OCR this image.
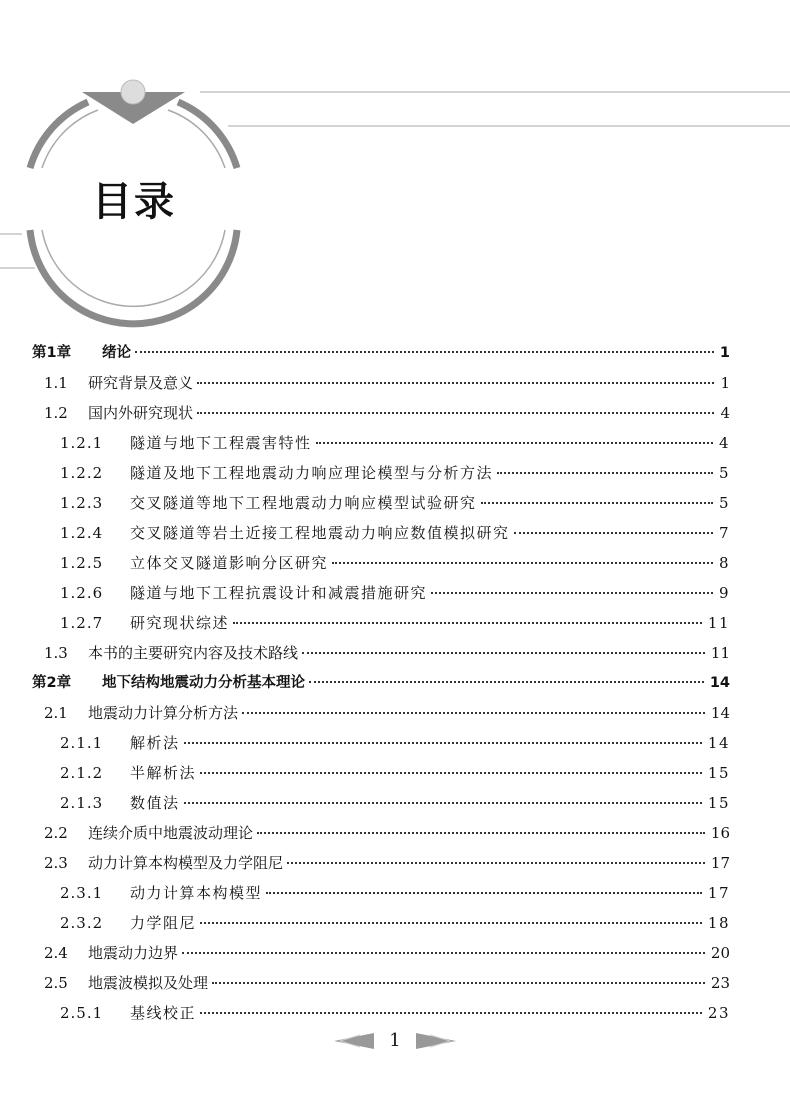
目录
第1章	绪论	1
1.1	研究背景及意义	1
1.2	国内外研究现状	4
1.2.1	隧道与地下工程震害特性	4
1.2.2	隧道及地下工程地震动力响应理论模型与分析方法	5
1.2.3	交叉隧道等地下工程地震动力响应模型试验研究	5
1.2.4	交叉隧道等岩土近接工程地震动力响应数值模拟研究	7
1.2.5	立体交叉隧道影响分区研究	8
1.2.6	隧道与地下工程抗震设计和减震措施研究	9
1.2.7	研究现状综述	11
1.3	本书的主要研究内容及技术路线	11
第2章	地下结构地震动力分析基本理论	14
2.1	地震动力计算分析方法	14
2.1.1	解析法	14
2.1.2	半解析法	15
2.1.3	数值法	15
2.2	连续介质中地震波动理论	16
2.3	动力计算本构模型及力学阻尼	17
2.3.1	动力计算本构模型	17
2.3.2	力学阻尼	18
2.4	地震动力边界	20
2.5	地震波模拟及处理	23
2.5.1	基线校正	23
1
